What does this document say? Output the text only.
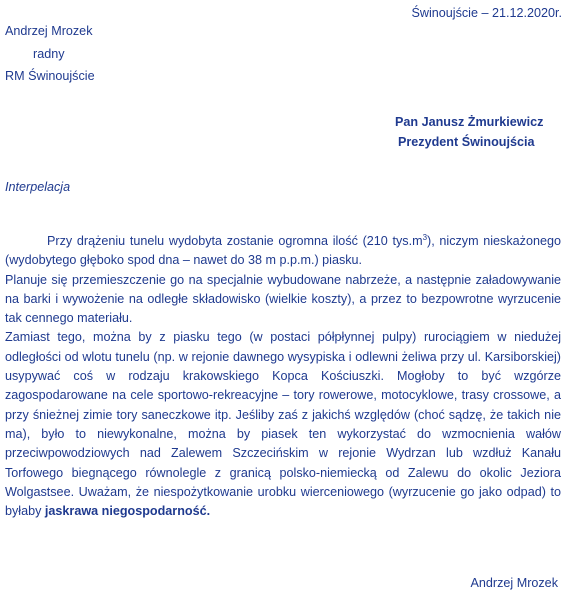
Świnoujście – 21.12.2020r.
Andrzej Mrozek
radny
RM Świnoujście
Pan Janusz Żmurkiewicz
Prezydent Świnoujścia
Interpelacja

Przy drążeniu tunelu wydobyta zostanie ogromna ilość (210 $tys.m^3$), niczym nieskażonego (wydobytego głęboko spod dna – nawet do 38 m p.p.m.) piasku.

Planuje się przemieszczenie go na specjalnie wybudowane nabrzeże, a następnie załadowywanie na barki i wywożenie na odległe składowisko (wielkie koszty), a przez to bezpowrotne wyrzucenie tak cennego materiału.

Zamiast tego, można by z piasku tego (w postaci półpłynnej pulpy) rurociągiem w niedużej odległości od wlotu tunelu (np. w rejonie dawnego wysypiska i odlewni żeliwa przy ul. Karsiborskiej) usypywać coś w rodzaju krakowskiego Kopca Kościuszki. Mogłoby to być wzgórze zagospodarowane na cele sportowo-rekreacyjne – tory rowerowe, motocyklowe, trasy crossowe, a przy śnieżnej zimie tory saneczkowe itp. Jeśliby zaś z jakichś względów (choć sądzę, że takich nie ma), było to niewykonalne, można by piasek ten wykorzystać do wzmocnienia wałów przeciwpowodziowych nad Zalewem Szczecińskim w rejonie Wydrzan lub wzdłuż Kanału Torfowego biegnącego równolegle z granicą polsko-niemiecką od Zalewu do okolic Jeziora Wolgastsee. Uważam, że niespożytkowanie urobku wierceniowego (wyrzucenie go jako odpad) to byłaby jaskrawa niegospodarność.

Andrzej Mrozek
